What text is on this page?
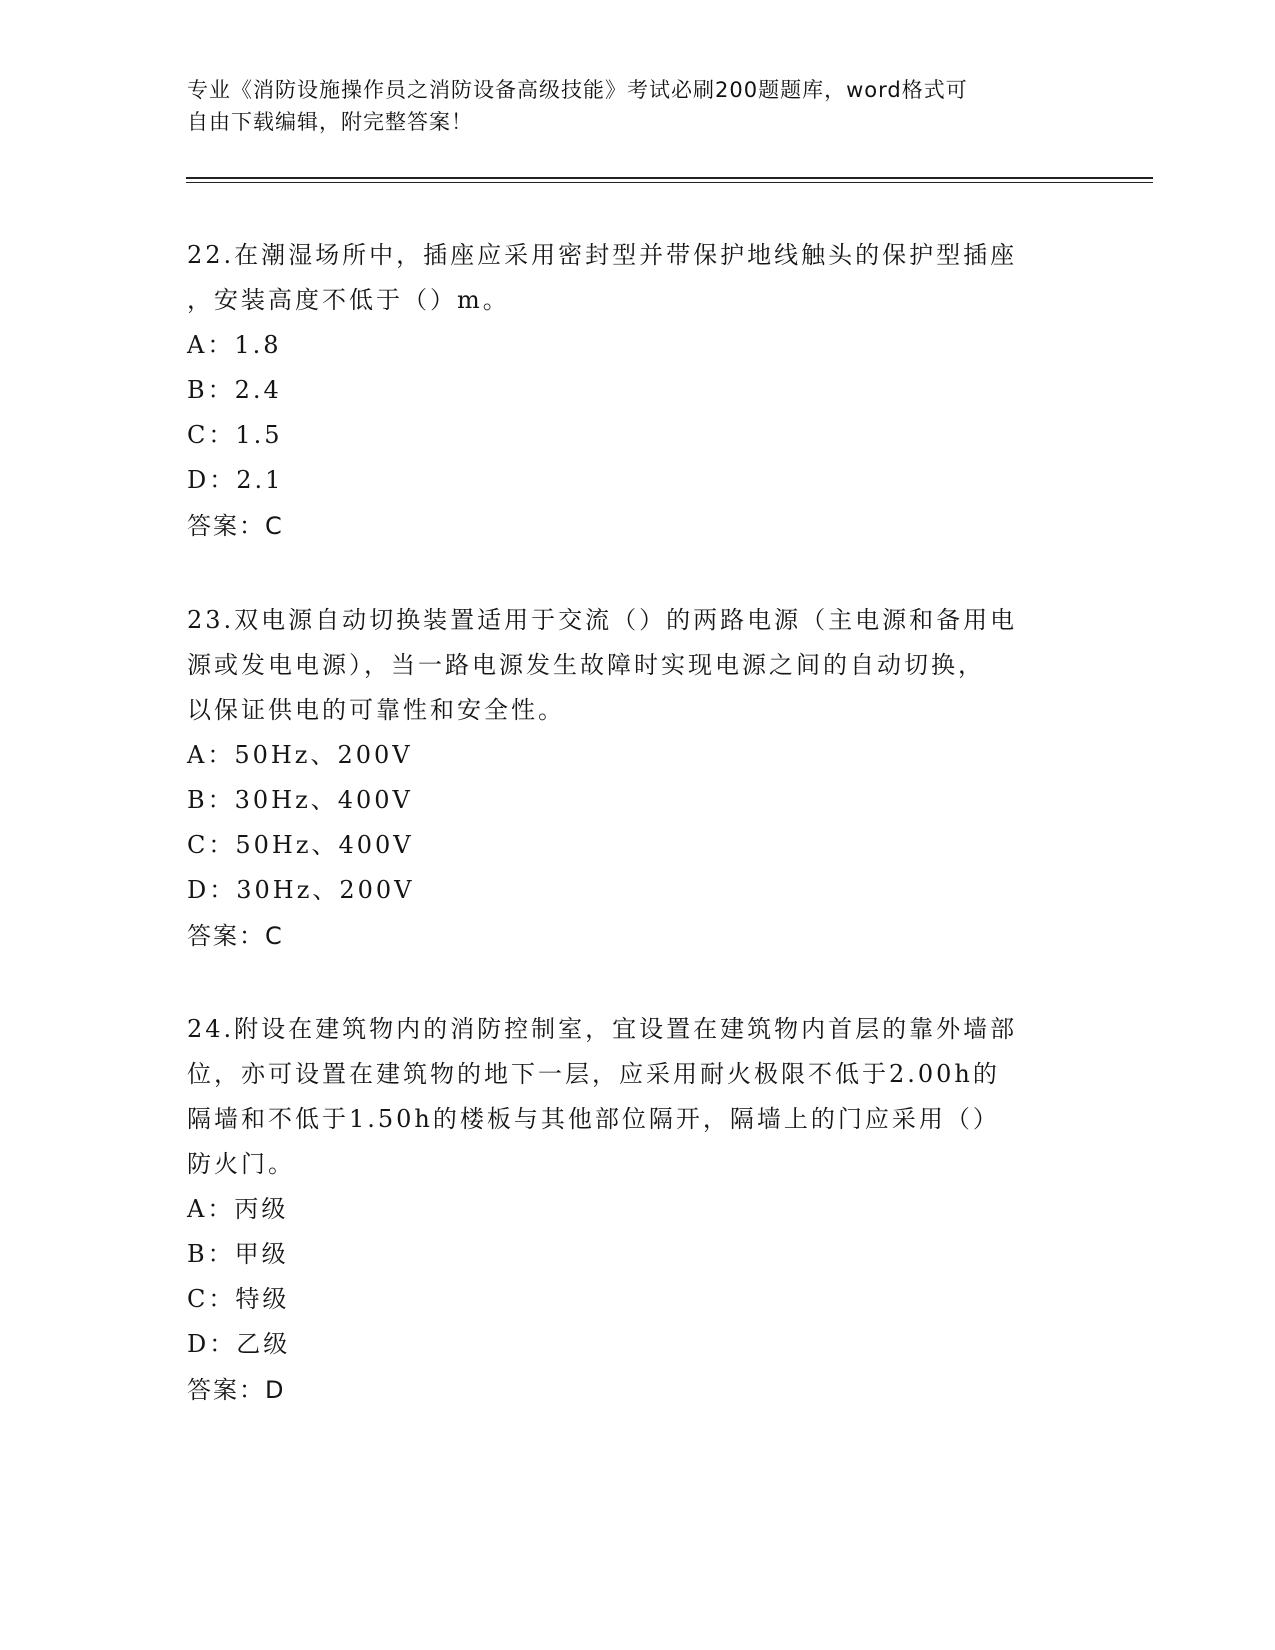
专业《消防设施操作员之消防设备高级技能》考试必刷200题题库，word格式可
自由下载编辑，附完整答案！
22.在潮湿场所中，插座应采用密封型并带保护地线触头的保护型插座
，安装高度不低于（）m。
A：1.8
B：2.4
C：1.5
D：2.1
答案：C
23.双电源自动切换装置适用于交流（）的两路电源（主电源和备用电
源或发电电源），当一路电源发生故障时实现电源之间的自动切换，
以保证供电的可靠性和安全性。
A：50Hz、200V
B：30Hz、400V
C：50Hz、400V
D：30Hz、200V
答案：C
24.附设在建筑物内的消防控制室，宜设置在建筑物内首层的靠外墙部
位，亦可设置在建筑物的地下一层，应采用耐火极限不低于2.00h的
隔墙和不低于1.50h的楼板与其他部位隔开，隔墙上的门应采用（）
防火门。
A：丙级
B：甲级
C：特级
D：乙级
答案：D
